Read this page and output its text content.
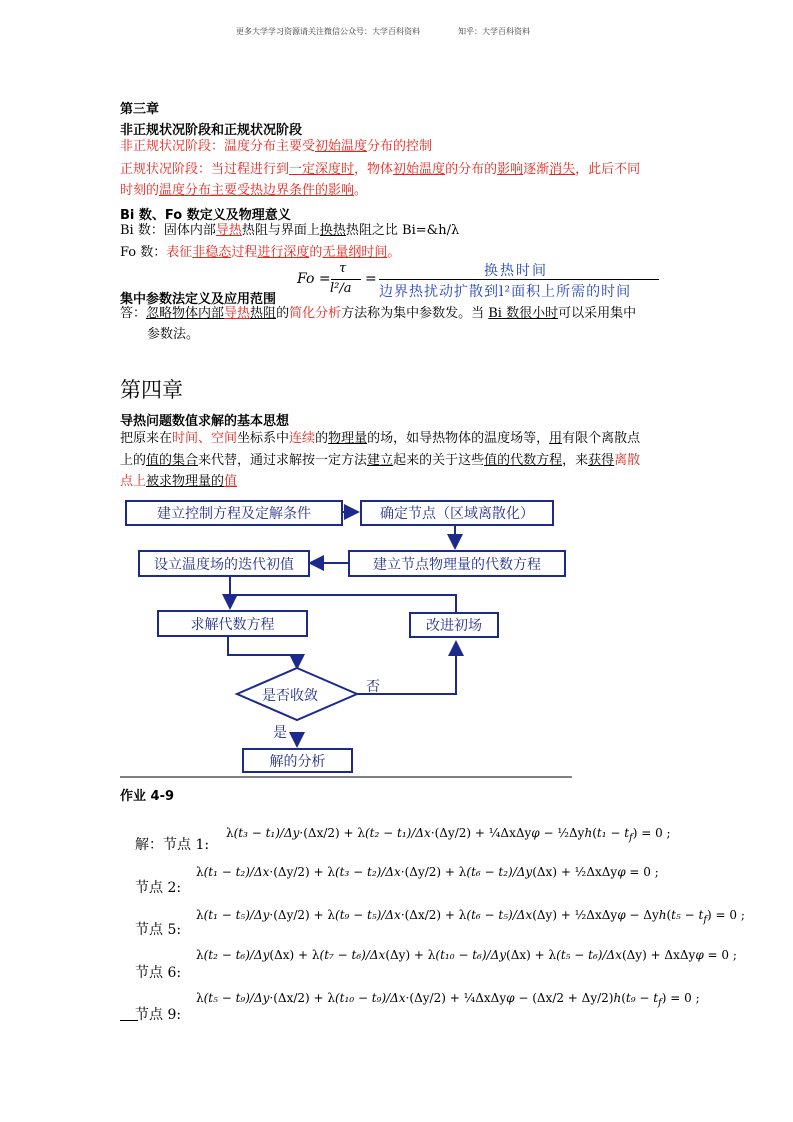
更多大学学习资源请关注微信公众号：大学百科资料	知乎：大学百科资料
第三章
非正规状况阶段和正规状况阶段
非正规状况阶段：温度分布主要受初始温度分布的控制
正规状况阶段：当过程进行到一定深度时，物体初始温度的分布的影响逐渐消失，此后不同
时刻的温度分布主要受热边界条件的影响。
Bi 数、Fo 数定义及物理意义
Bi 数：固体内部导热热阻与界面上换热热阻之比 Bi=&h/λ
Fo 数：表征非稳态过程进行深度的无量纲时间。
Fo =
τ
l²/a
=	换热时间
边界热扰动扩散到l²面积上所需的时间
集中参数法定义及应用范围
答：忽略物体内部导热热阻的简化分析方法称为集中参数发。当 Bi 数很小时可以采用集中
参数法。
第四章
导热问题数值求解的基本思想
把原来在时间、空间坐标系中连续的物理量的场，如导热物体的温度场等，用有限个离散点
上的值的集合来代替，通过求解按一定方法建立起来的关于这些值的代数方程，来获得离散
点上被求物理量的值
建立控制方程及定解条件	确定节点（区域离散化）
设立温度场的迭代初值	建立节点物理量的代数方程
求解代数方程	改进初场
是否收敛
否
是
解的分析
作业 4-9
解：节点 1:
λ(t₃ − t₁)/Δy·(Δx/2) + λ(t₂ − t₁)/Δx·(Δy/2) + ¼ΔxΔyφ − ½Δyh(t₁ − $t_f) = 0$ ;
节点 2:
λ(t₁ − t₂)/Δx·(Δy/2) + λ(t₃ − t₂)/Δx·(Δy/2) + λ(t₆ − t₂)/Δy(Δx) + ½ΔxΔyφ = 0 ;
节点 5:
λ(t₁ − t₅)/Δy·(Δy/2) + λ(t₉ − t₅)/Δx·(Δx/2) + λ(t₆ − t₅)/Δx(Δy) + ½ΔxΔyφ − $\Delta yh(t_5 - t_f) = 0$ ;
节点 6:
λ(t₂ − t₆)/Δy(Δx) + λ(t₇ − t₆)/Δx(Δy) + λ(t₁₀ − t₆)/Δy(Δx) + λ(t₅ − t₆)/Δx(Δy) + ΔxΔyφ = 0 ;
节点 9:
λ(t₅ − t₉)/Δy·(Δx/2) + λ(t₁₀ − t₉)/Δx·(Δy/2) + ¼ΔxΔyφ − $(\Delta x/2 + \Delta y/2)h(t_9 - t_f) = 0$ ;
